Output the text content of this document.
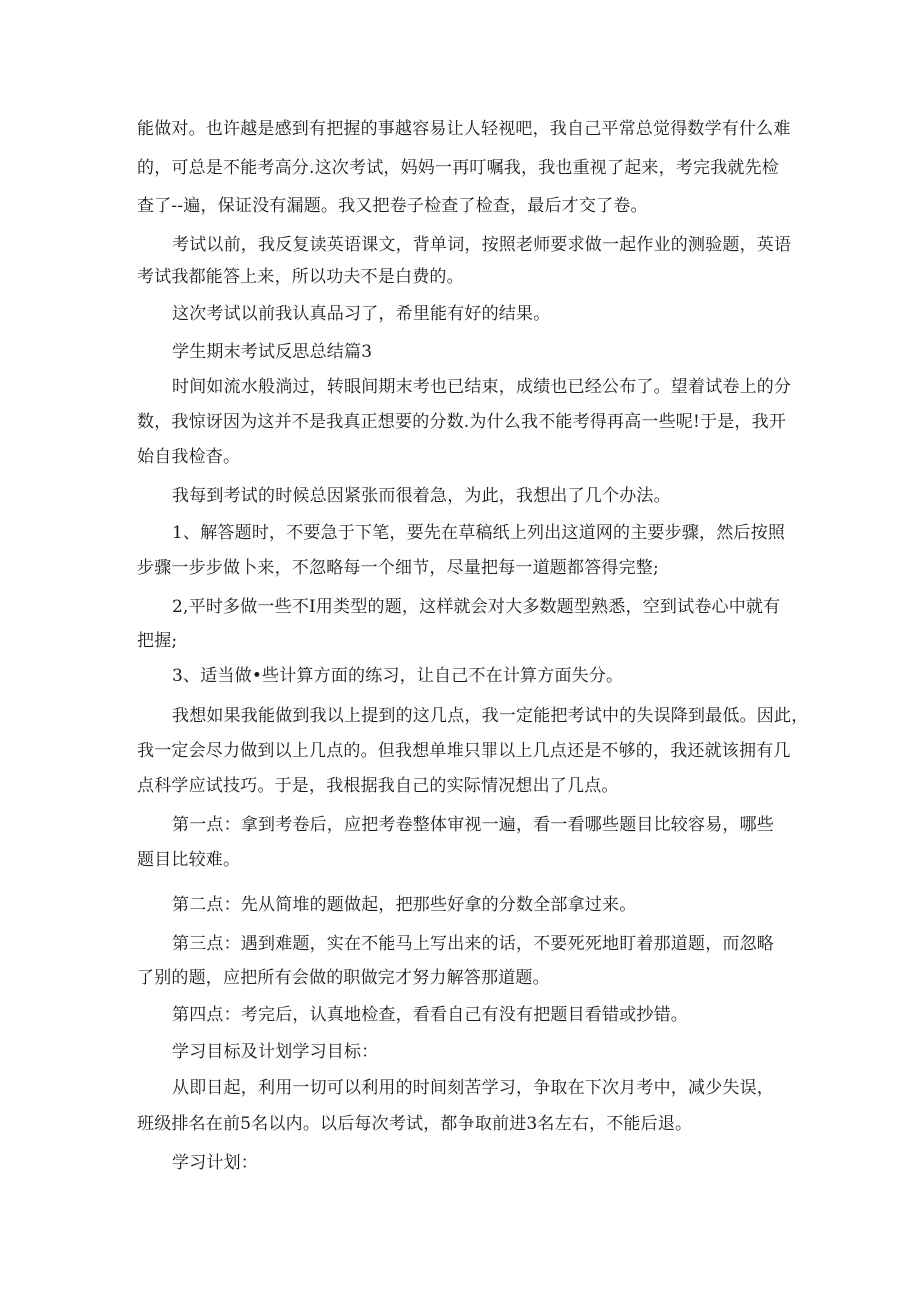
能做对。也许越是感到有把握的事越容易让人轻视吧，我自己平常总觉得数学有什么难
的，可总是不能考高分.这次考试，妈妈一再叮嘱我，我也重视了起来，考完我就先检
查了--遍，保证没有漏题。我又把卷子检查了检查，最后才交了卷。
考试以前，我反复读英语课文，背单词，按照老师要求做一起作业的测验题，英语
考试我都能答上来，所以功夫不是白费的。
这次考试以前我认真品习了，希里能有好的结果。
学生期末考试反思总结篇3
时间如流水般淌过，转眼间期末考也已结束，成绩也已经公布了。望着试卷上的分
数，我惊讶因为这并不是我真正想要的分数.为什么我不能考得再高一些呢!于是，我开
始自我检杳。
我每到考试的时候总因紧张而很着急，为此，我想出了几个办法。
1、解答题时，不要急于下笔，要先在草稿纸上列出这道网的主要步骤，然后按照
步骤一步步做卜来，不忽略每一个细节，尽量把每一道题都答得完整;
2,平时多做一些不I用类型的题，这样就会对大多数题型熟悉，空到试卷心中就有
把握;
3、适当做•些计算方面的练习，让自己不在计算方面失分。
我想如果我能做到我以上提到的这几点，我一定能把考试中的失误降到最低。因此，
我一定会尽力做到以上几点的。但我想单堆只罪以上几点还是不够的，我还就该拥有几
点科学应试技巧。于是，我根据我自己的实际情况想出了几点。
第一点：拿到考卷后，应把考卷整体审视一遍，看一看哪些题目比较容易，哪些
题目比较难。
第二点：先从简堆的题做起，把那些好拿的分数全部拿过来。
第三点：遇到难题，实在不能马上写出来的话，不要死死地盯着那道题，而忽略
了别的题，应把所有会做的职做完才努力解答那道题。
第四点：考完后，认真地检查，看看自己有没有把题目看错或抄错。
学习目标及计划学习目标：
从即日起，利用一切可以利用的时间刻苦学习，争取在下次月考中，减少失误，
班级排名在前5名以内。以后每次考试，都争取前进3名左右，不能后退。
学习计划：
